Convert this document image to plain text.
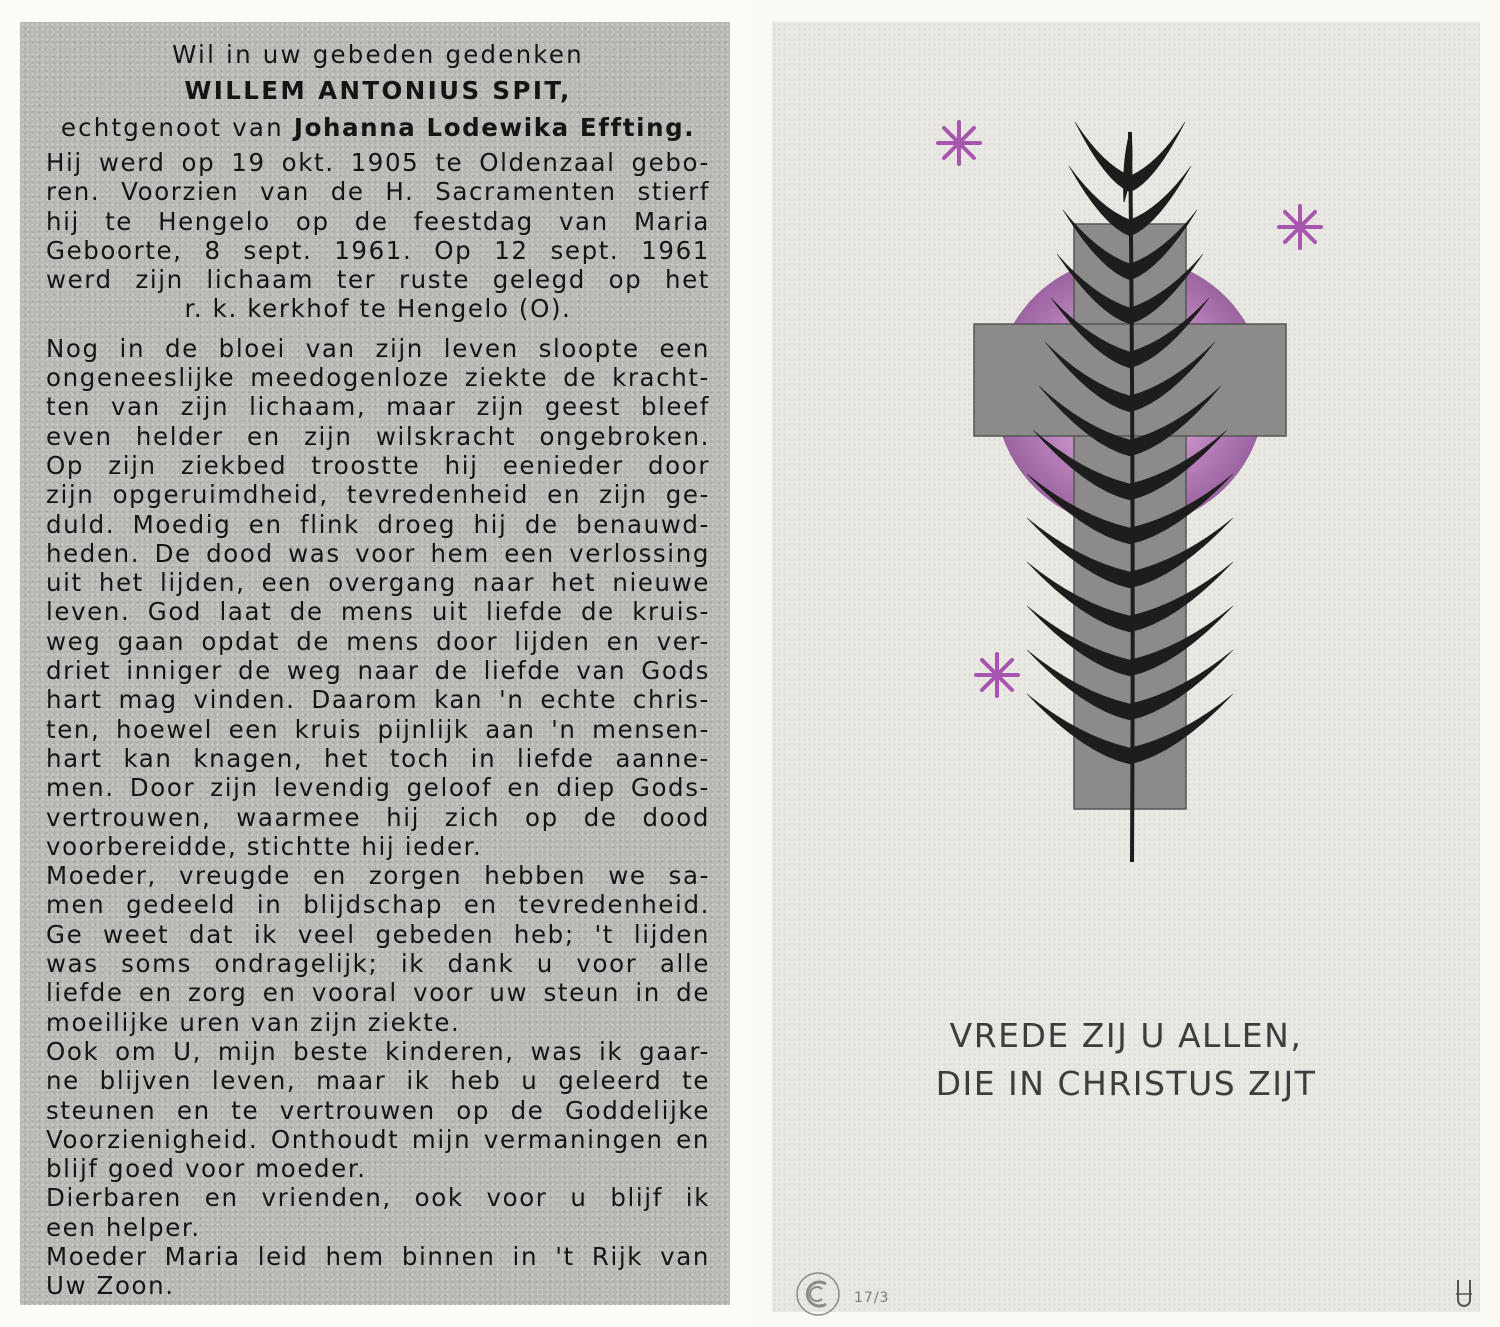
Wil in uw gebeden gedenken
WILLEM ANTONIUS SPIT,
echtgenoot van Johanna Lodewika Effting.
Hij werd op 19 okt. 1905 te Oldenzaal gebo-
ren. Voorzien van de H. Sacramenten stierf
hij te Hengelo op de feestdag van Maria
Geboorte, 8 sept. 1961. Op 12 sept. 1961
werd zijn lichaam ter ruste gelegd op het
r. k. kerkhof te Hengelo (O).
Nog in de bloei van zijn leven sloopte een
ongeneeslijke meedogenloze ziekte de kracht-
ten van zijn lichaam, maar zijn geest bleef
even helder en zijn wilskracht ongebroken.
Op zijn ziekbed troostte hij eenieder door
zijn opgeruimdheid, tevredenheid en zijn ge-
duld. Moedig en flink droeg hij de benauwd-
heden. De dood was voor hem een verlossing
uit het lijden, een overgang naar het nieuwe
leven. God laat de mens uit liefde de kruis-
weg gaan opdat de mens door lijden en ver-
driet inniger de weg naar de liefde van Gods
hart mag vinden. Daarom kan 'n echte chris-
ten, hoewel een kruis pijnlijk aan 'n mensen-
hart kan knagen, het toch in liefde aanne-
men. Door zijn levendig geloof en diep Gods-
vertrouwen, waarmee hij zich op de dood
voorbereidde, stichtte hij ieder.
Moeder, vreugde en zorgen hebben we sa-
men gedeeld in blijdschap en tevredenheid.
Ge weet dat ik veel gebeden heb; 't lijden
was soms ondragelijk; ik dank u voor alle
liefde en zorg en vooral voor uw steun in de
moeilijke uren van zijn ziekte.
Ook om U, mijn beste kinderen, was ik gaar-
ne blijven leven, maar ik heb u geleerd te
steunen en te vertrouwen op de Goddelijke
Voorzienigheid. Onthoudt mijn vermaningen en
blijf goed voor moeder.
Dierbaren en vrienden, ook voor u blijf ik
een helper.
Moeder Maria leid hem binnen in 't Rijk van
Uw Zoon.
VREDE ZIJ U ALLEN,
DIE IN CHRISTUS ZIJT
17/3
